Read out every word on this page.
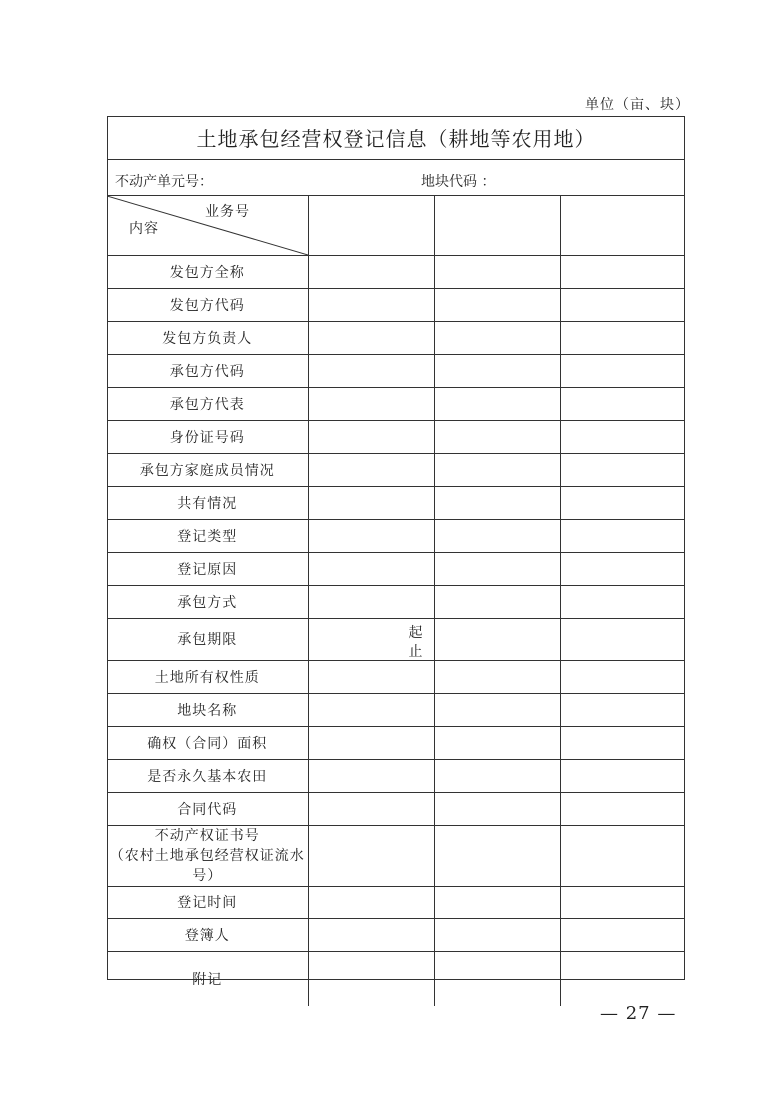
单位（亩、块）
土地承包经营权登记信息（耕地等农用地）
不动产单元号：	地块代码 ：
业务号
内容			

发包方全称			
发包方代码			
发包方负责人			
承包方代码			
承包方代表			
身份证号码			
承包方家庭成员情况			
共有情况			
登记类型			
登记原因			
承包方式			
承包期限	起
止		

土地所有权性质			
地块名称			
确权（合同）面积			
是否永久基本农田			
合同代码			

不动产权证书号
（农村土地承包经营权证流水号）			

登记时间			
登簿人			
附记			
— 27 —
